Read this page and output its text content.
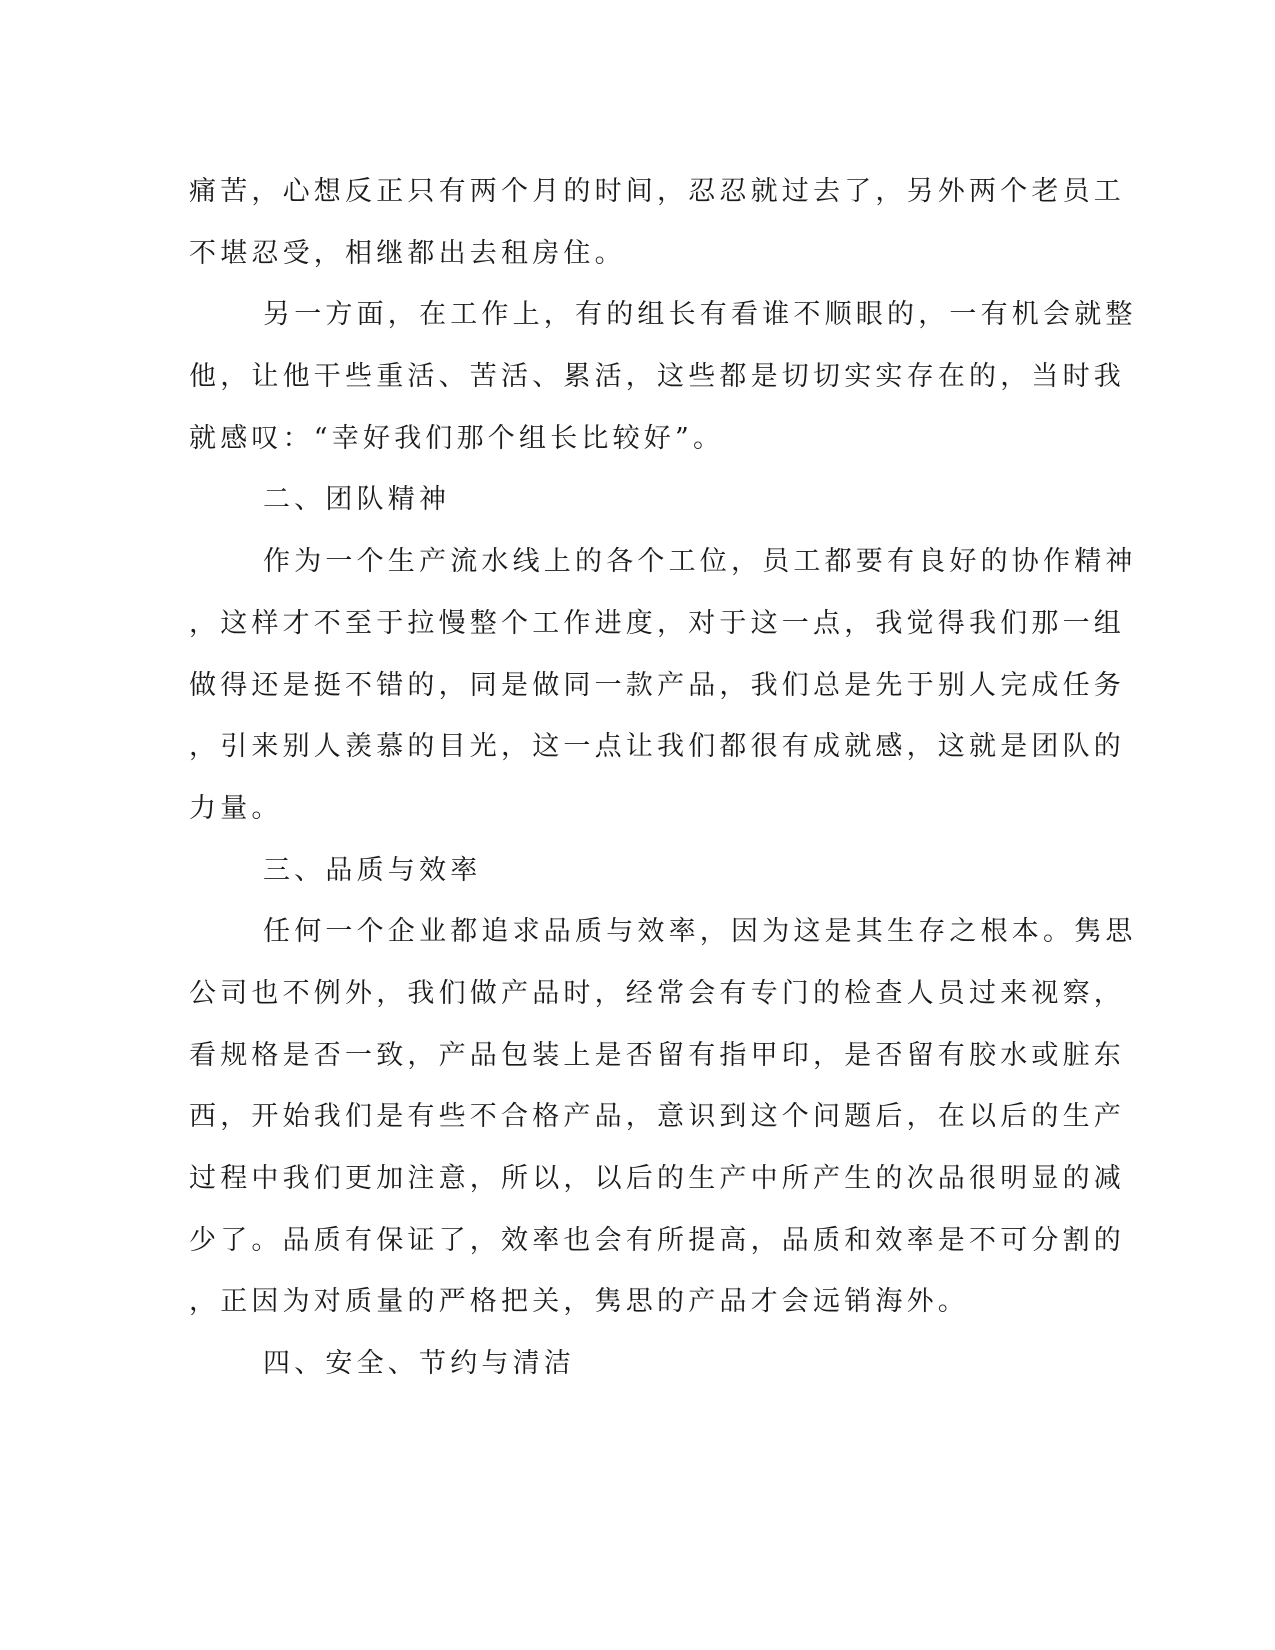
痛苦，心想反正只有两个月的时间，忍忍就过去了，另外两个老员工

不堪忍受，相继都出去租房住。

另一方面，在工作上，有的组长有看谁不顺眼的，一有机会就整

他，让他干些重活、苦活、累活，这些都是切切实实存在的，当时我

就感叹：“幸好我们那个组长比较好”。

二、团队精神

作为一个生产流水线上的各个工位，员工都要有良好的协作精神

，这样才不至于拉慢整个工作进度，对于这一点，我觉得我们那一组

做得还是挺不错的，同是做同一款产品，我们总是先于别人完成任务

，引来别人羡慕的目光，这一点让我们都很有成就感，这就是团队的

力量。

三、品质与效率

任何一个企业都追求品质与效率，因为这是其生存之根本。隽思

公司也不例外，我们做产品时，经常会有专门的检查人员过来视察，

看规格是否一致，产品包装上是否留有指甲印，是否留有胶水或脏东

西，开始我们是有些不合格产品，意识到这个问题后，在以后的生产

过程中我们更加注意，所以，以后的生产中所产生的次品很明显的减

少了。品质有保证了，效率也会有所提高，品质和效率是不可分割的

，正因为对质量的严格把关，隽思的产品才会远销海外。

四、安全、节约与清洁
